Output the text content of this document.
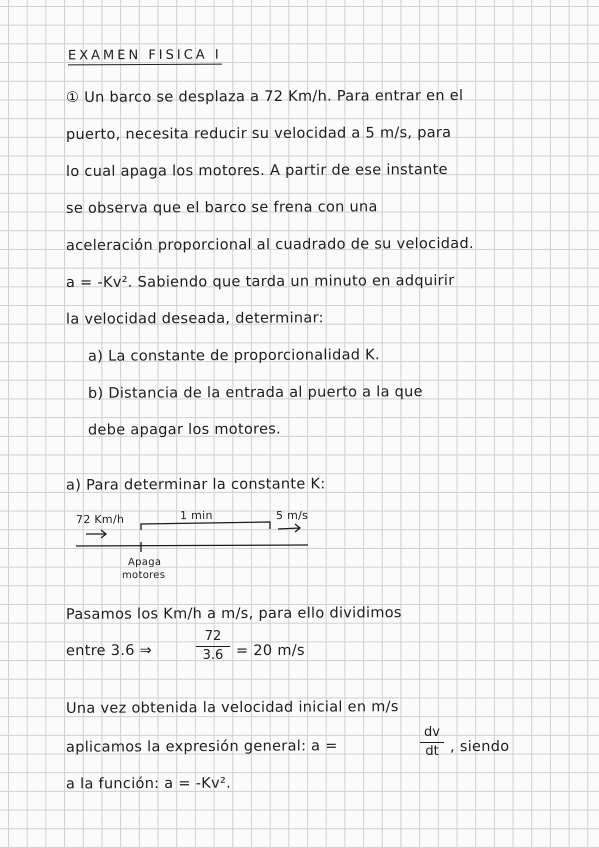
EXAMEN FISICA I
① Un barco se desplaza a 72 Km/h. Para entrar en el
puerto, necesita reducir su velocidad a 5 m/s, para
lo cual apaga los motores. A partir de ese instante
se observa que el barco se frena con una
aceleración proporcional al cuadrado de su velocidad.
a = -Kv². Sabiendo que tarda un minuto en adquirir
la velocidad deseada, determinar:
a) La constante de proporcionalidad K.
b) Distancia de la entrada al puerto a la que
debe apagar los motores.
a) Para determinar la constante K:
72 Km/h	1 min	5 m/s
Apaga
motores
Pasamos los Km/h a m/s, para ello dividimos
entre 3.6 ⇒
72
3.6 = 20 m/s
Una vez obtenida la velocidad inicial en m/s
aplicamos la expresión general: a =
dv
dt , siendo
a la función: a = -Kv².
